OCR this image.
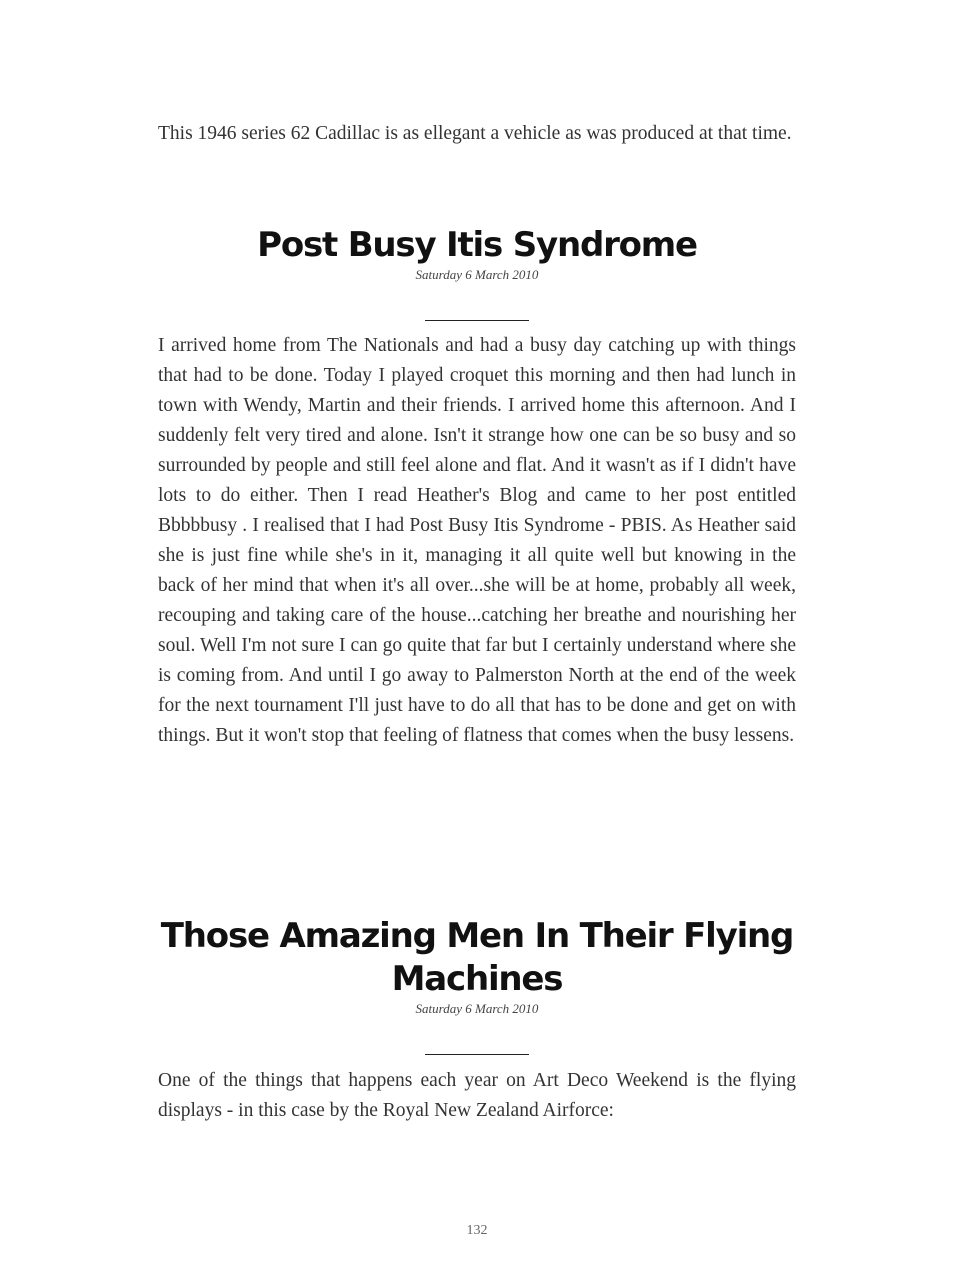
This 1946 series 62 Cadillac is as ellegant a vehicle as was produced at that time.

Post Busy Itis Syndrome

Saturday 6 March 2010

I arrived home from The Nationals and had a busy day catching up with things that had to be done. Today I played croquet this morning and then had lunch in town with Wendy, Martin and their friends. I arrived home this afternoon. And I suddenly felt very tired and alone. Isn't it strange how one can be so busy and so surrounded by people and still feel alone and flat. And it wasn't as if I didn't have lots to do either. Then I read Heather's Blog and came to her post entitled Bbbbbusy . I realised that I had Post Busy Itis Syndrome - PBIS. As Heather said she is just fine while she's in it, managing it all quite well but knowing in the back of her mind that when it's all over...she will be at home, probably all week, recouping and taking care of the house...catching her breathe and nourishing her soul. Well I'm not sure I can go quite that far but I certainly understand where she is coming from. And until I go away to Palmerston North at the end of the week for the next tournament I'll just have to do all that has to be done and get on with things. But it won't stop that feeling of flatness that comes when the busy lessens.

Those Amazing Men In Their Flying Machines

Saturday 6 March 2010

One of the things that happens each year on Art Deco Weekend is the flying displays - in this case by the Royal New Zealand Airforce:

132
